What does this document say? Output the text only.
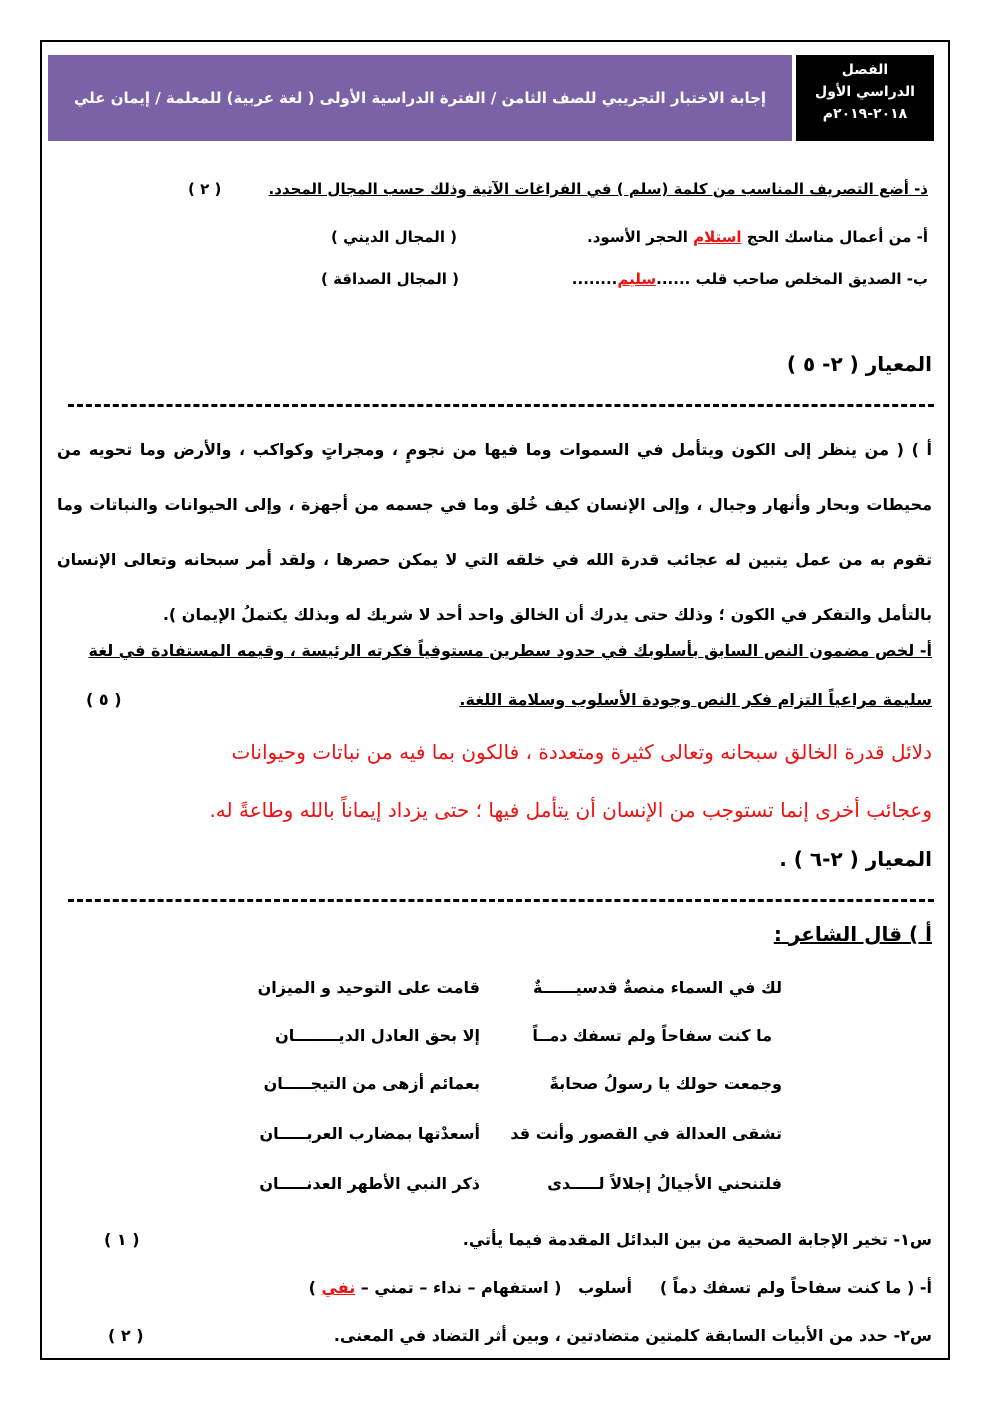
إجابة الاختبار التجريبي للصف الثامن / الفترة الدراسية الأولى ( لغة عربية) للمعلمة / إيمان علي
الفصل
الدراسي الأول
٢٠١٨-٢٠١٩م
ذ- أضع التصريف المناسب من كلمة (سلم ) في الفراغات الآتية وذلك حسب المجال المحدد.
( ٢ )
أ- من أعمال مناسك الحج استلام الحجر الأسود.
( المجال الديني )
ب- الصديق المخلص صاحب قلب ......سليم........
( المجال الصداقة )
المعيار ( ٢- ٥ )
أ ) ( من ينظر إلى الكون ويتأمل في السموات وما فيها من نجومٍ ، ومجراتٍ وكواكب ، والأرض وما تحويه من محيطات وبحار وأنهار وجبال ، وإلى الإنسان كيف خُلق وما في جسمه من أجهزة ، وإلى الحيوانات والنباتات وما تقوم به من عمل يتبين له عجائب قدرة الله في خلقه التي لا يمكن حصرها ، ولقد أمر سبحانه وتعالى الإنسان بالتأمل والتفكر في الكون ؛ وذلك حتى يدرك أن الخالق واحد أحد لا شريك له وبذلك يكتملُ الإيمان ).
أ- لخص مضمون النص السابق بأسلوبك في حدود سطرين مستوفياً فكرته الرئيسة ، وقيمه المستفادة في لغة
سليمة مراعياً التزام فكر النص وجودة الأسلوب وسلامة اللغة.
( ٥ )
دلائل قدرة الخالق سبحانه وتعالى كثيرة ومتعددة ، فالكون بما فيه من نباتات وحيوانات
وعجائب أخرى إنما تستوجب من الإنسان أن يتأمل فيها ؛ حتى يزداد إيماناً بالله وطاعةً له.
المعيار ( ٢-٦ ) .
أ ) قال الشاعر :
لك في السماء منصةٌ قدسيــــــةٌ
قامت على التوحيد و الميزان
ما كنت سفاحاً ولم تسفك دمــاً
إلا بحق العادل الديــــــــان
وجمعت حولك يا رسولُ صحابةً
بعمائم أزهى من التيجـــــان
تشقى العدالة في القصور وأنت قد
أسعدْتها بمضارب العربـــــان
فلتنحني الأجيالُ إجلالاً لـــــدى
ذكر النبي الأطهر العدنـــــان
س١- تخير الإجابة الصحية من بين البدائل المقدمة فيما يأتي.
( ١ )
أ- ( ما كنت سفاحاً ولم تسفك دماً )     أسلوب   ( استفهام – نداء – تمني – نفي )
س٢- حدد من الأبيات السابقة كلمتين متضادتين ، وبين أثر التضاد في المعنى.
( ٢ )
